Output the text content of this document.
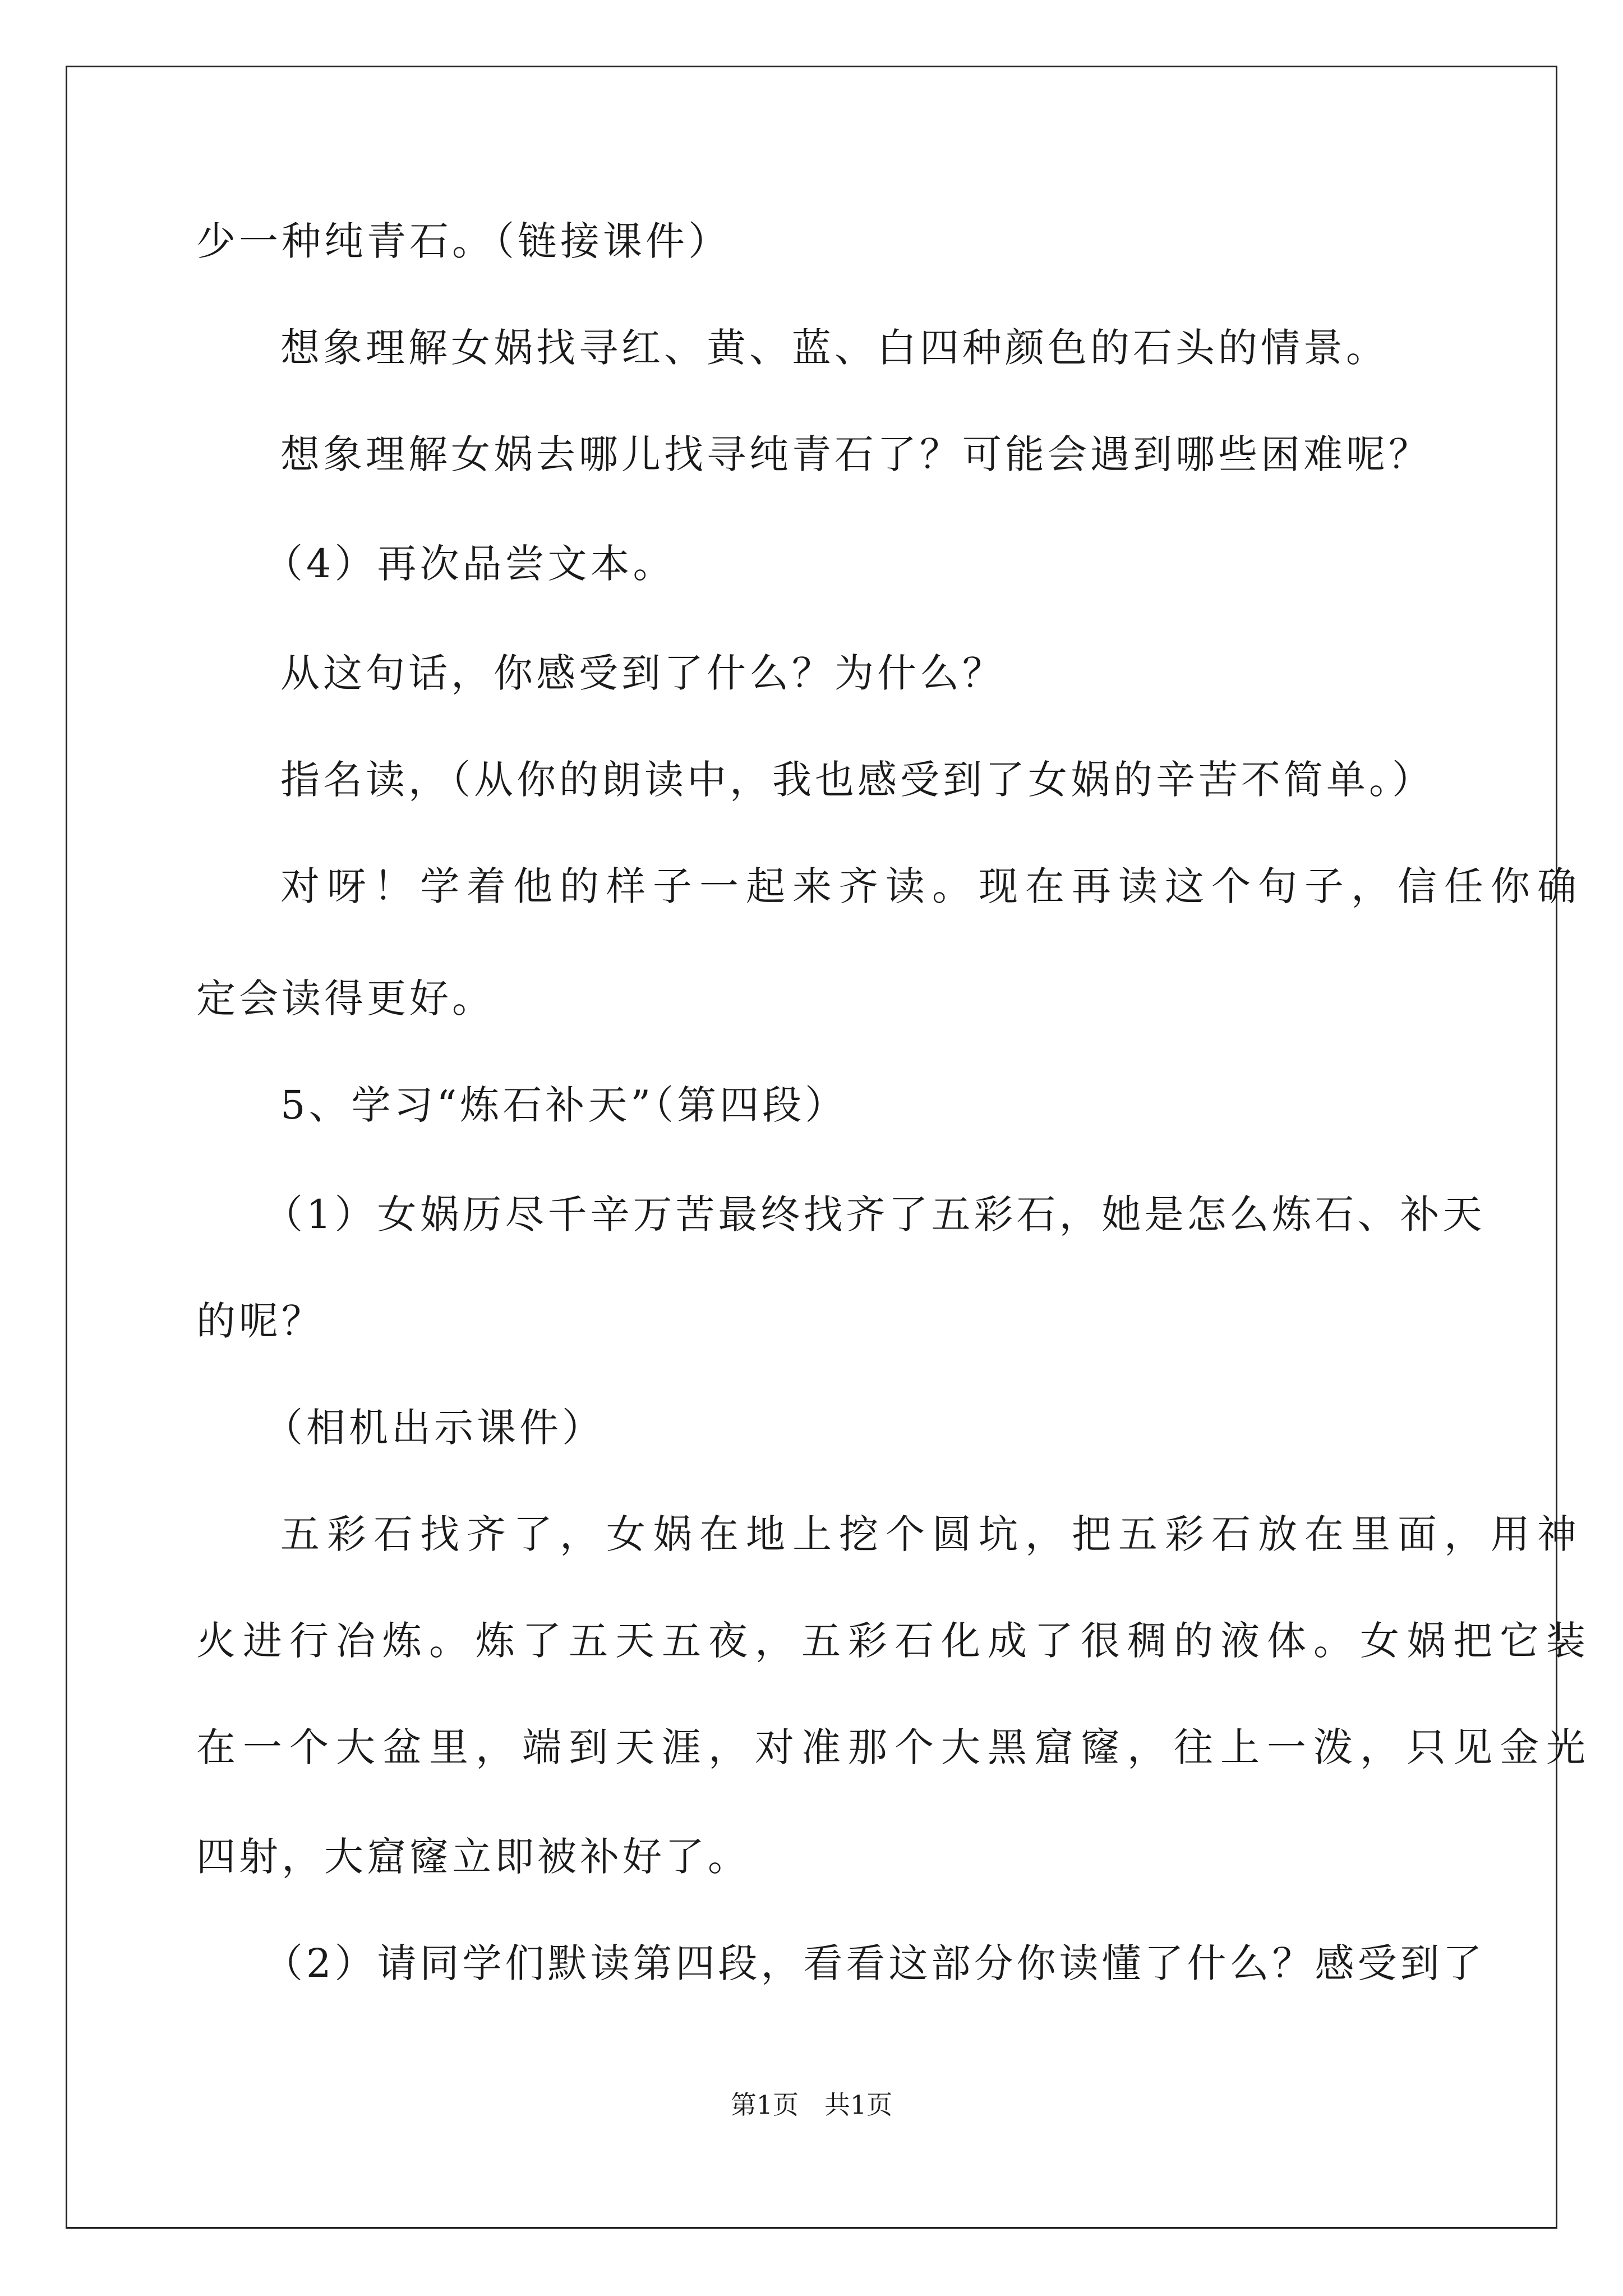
少一种纯青石。（链接课件）

想象理解女娲找寻红、黄、蓝、白四种颜色的石头的情景。

想象理解女娲去哪儿找寻纯青石了？可能会遇到哪些困难呢？

（4）再次品尝文本。

从这句话，你感受到了什么？为什么？

指名读，（从你的朗读中，我也感受到了女娲的辛苦不简单。）

对呀！学着他的样子一起来齐读。现在再读这个句子，信任你确

定会读得更好。

5、学习“炼石补天”（第四段）

（1）女娲历尽千辛万苦最终找齐了五彩石，她是怎么炼石、补天

的呢？

（相机出示课件）

五彩石找齐了，女娲在地上挖个圆坑，把五彩石放在里面，用神

火进行冶炼。炼了五天五夜，五彩石化成了很稠的液体。女娲把它装

在一个大盆里，端到天涯，对准那个大黑窟窿，往上一泼，只见金光

四射，大窟窿立即被补好了。

（2）请同学们默读第四段，看看这部分你读懂了什么？感受到了

第1页　共1页
